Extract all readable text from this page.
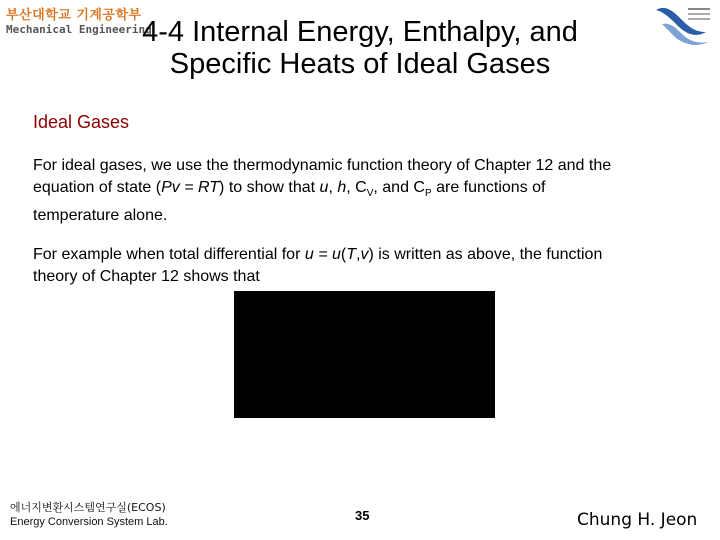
부산대학교 기계공학부
Mechanical Engineering
4-4 Internal Energy, Enthalpy, and
Specific Heats of Ideal Gases
Ideal Gases
For ideal gases, we use the thermodynamic function theory of Chapter 12 and the
equation of state (Pv = RT) to show that u, h, $C_V$, and $C_P$ are functions of
temperature alone.
For example when total differential for u = u(T,v) is written as above, the function
theory of Chapter 12 shows that
에너지변환시스템연구실(ECOS)
Energy Conversion System Lab.	35	Chung H. Jeon
